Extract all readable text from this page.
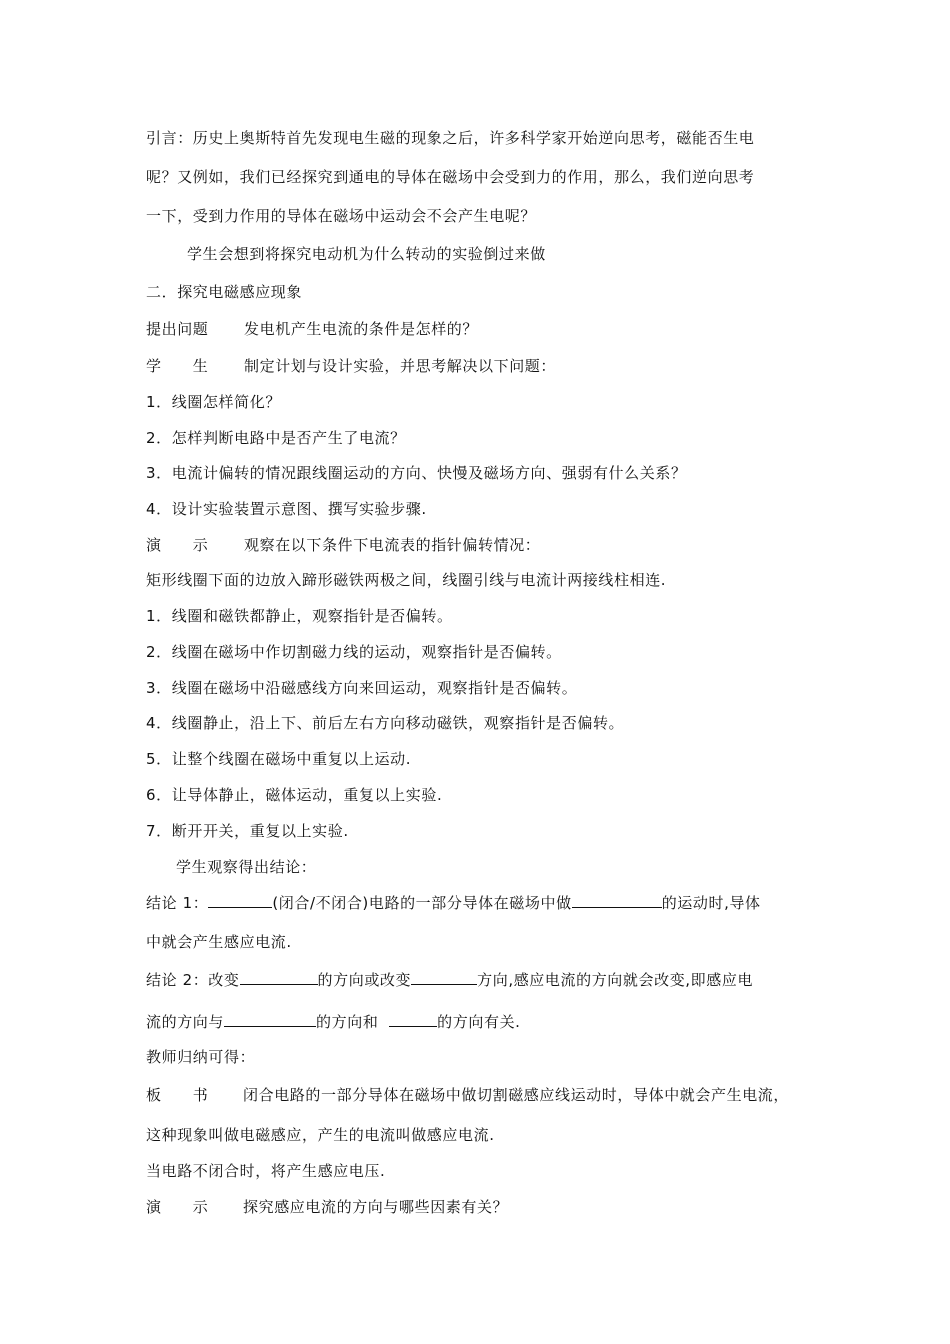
引言：历史上奥斯特首先发现电生磁的现象之后，许多科学家开始逆向思考，磁能否生电
呢？又例如，我们已经探究到通电的导体在磁场中会受到力的作用，那么，我们逆向思考
一下，受到力作用的导体在磁场中运动会不会产生电呢？
学生会想到将探究电动机为什么转动的实验倒过来做
二．探究电磁感应现象
提出问题 发电机产生电流的条件是怎样的？
学　　生 制定计划与设计实验，并思考解决以下问题：
1．线圈怎样简化？
2．怎样判断电路中是否产生了电流？
3．电流计偏转的情况跟线圈运动的方向、快慢及磁场方向、强弱有什么关系？
4．设计实验装置示意图、撰写实验步骤.
演　　示 观察在以下条件下电流表的指针偏转情况：
矩形线圈下面的边放入蹄形磁铁两极之间，线圈引线与电流计两接线柱相连.
1．线圈和磁铁都静止，观察指针是否偏转。
2．线圈在磁场中作切割磁力线的运动，观察指针是否偏转。
3．线圈在磁场中沿磁感线方向来回运动，观察指针是否偏转。
4．线圈静止，沿上下、前后左右方向移动磁铁，观察指针是否偏转。
5．让整个线圈在磁场中重复以上运动.
6．让导体静止，磁体运动，重复以上实验.
7．断开开关，重复以上实验.
学生观察得出结论：
结论 1：	(闭合/不闭合)电路的一部分导体在磁场中做	的运动时,导体
中就会产生感应电流.
结论 2：改变	的方向或改变	方向,感应电流的方向就会改变,即感应电
流的方向与	的方向和	的方向有关.
教师归纳可得：
板　　书 闭合电路的一部分导体在磁场中做切割磁感应线运动时，导体中就会产生电流，
这种现象叫做电磁感应，产生的电流叫做感应电流.
当电路不闭合时，将产生感应电压.
演　　示 探究感应电流的方向与哪些因素有关？
